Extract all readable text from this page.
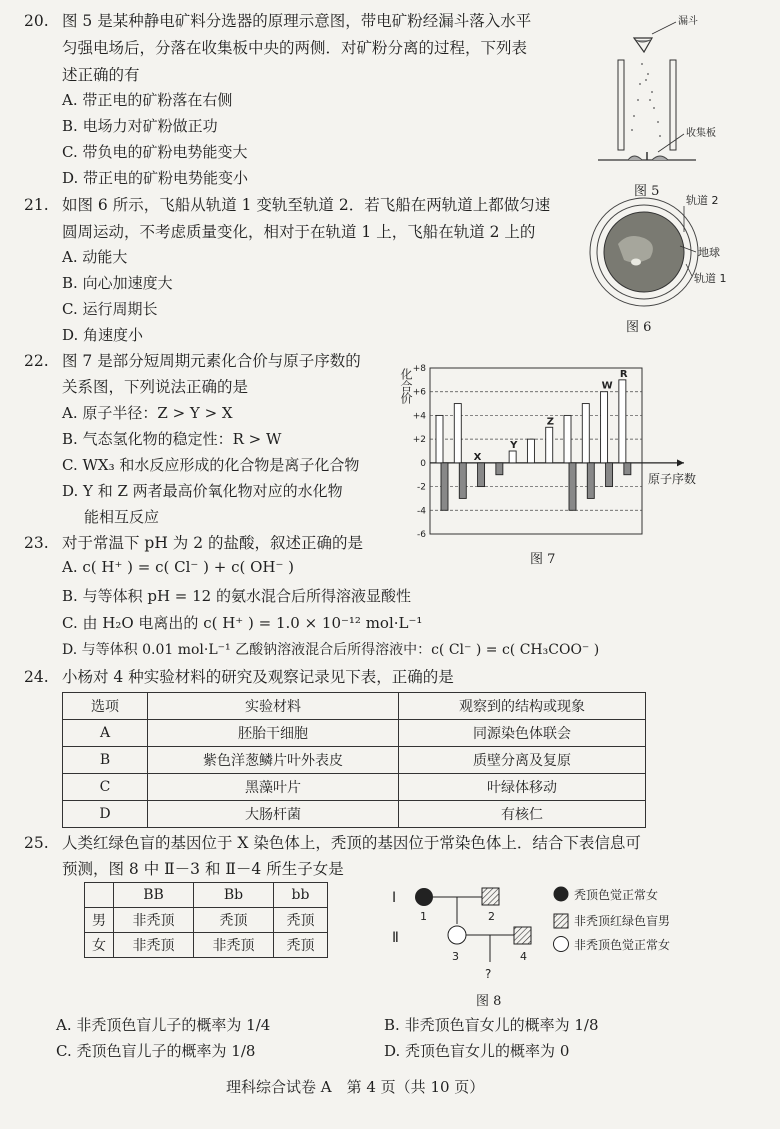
20. 图 5 是某种静电矿料分选器的原理示意图，带电矿粉经漏斗落入水平
匀强电场后，分落在收集板中央的两侧．对矿粉分离的过程，下列表
述正确的有
A. 带正电的矿粉落在右侧
B. 电场力对矿粉做正功
C. 带负电的矿粉电势能变大
D. 带正电的矿粉电势能变小
漏斗
收集板
图 5
21. 如图 6 所示，飞船从轨道 1 变轨至轨道 2．若飞船在两轨道上都做匀速
圆周运动，不考虑质量变化，相对于在轨道 1 上，飞船在轨道 2 上的
A. 动能大
B. 向心加速度大
C. 运行周期长
D. 角速度小
轨道 2
地球
轨道 1
图 6
22. 图 7 是部分短周期元素化合价与原子序数的
关系图，下列说法正确的是
A. 原子半径：Z > Y > X
B. 气态氢化物的稳定性：R > W
C. WX₃ 和水反应形成的化合物是离子化合物
D. Y 和 Z 两者最高价氧化物对应的水化物
能相互反应
+8
+6
+4
+2
0
-2
-4
-6
化合价
原子序数
X
Y
Z
W
R
图 7
23. 对于常温下 pH 为 2 的盐酸，叙述正确的是
A. c( H⁺ ) = c( Cl⁻ ) + c( OH⁻ )
B. 与等体积 pH = 12 的氨水混合后所得溶液显酸性
C. 由 H₂O 电离出的 c( H⁺ ) = 1.0 × 10⁻¹² mol·L⁻¹
D. 与等体积 0.01 mol·L⁻¹ 乙酸钠溶液混合后所得溶液中：c( Cl⁻ ) = c( CH₃COO⁻ )
24. 小杨对 4 种实验材料的研究及观察记录见下表，正确的是
选项	实验材料	观察到的结构或现象
A	胚胎干细胞	同源染色体联会
B	紫色洋葱鳞片叶外表皮	质壁分离及复原
C	黑藻叶片	叶绿体移动
D	大肠杆菌	有核仁
25. 人类红绿色盲的基因位于 X 染色体上，秃顶的基因位于常染色体上．结合下表信息可
预测，图 8 中 Ⅱ－3 和 Ⅱ－4 所生子女是
	BB	Bb	bb
男	非秃顶	秃顶	秃顶
女	非秃顶	非秃顶	秃顶
Ⅰ
Ⅱ
1	2
3	4
?
秃顶色觉正常女
非秃顶红绿色盲男
非秃顶色觉正常女
图 8
A. 非秃顶色盲儿子的概率为 1/4	B. 非秃顶色盲女儿的概率为 1/8
C. 秃顶色盲儿子的概率为 1/8	D. 秃顶色盲女儿的概率为 0
理科综合试卷 A　第 4 页（共 10 页）
